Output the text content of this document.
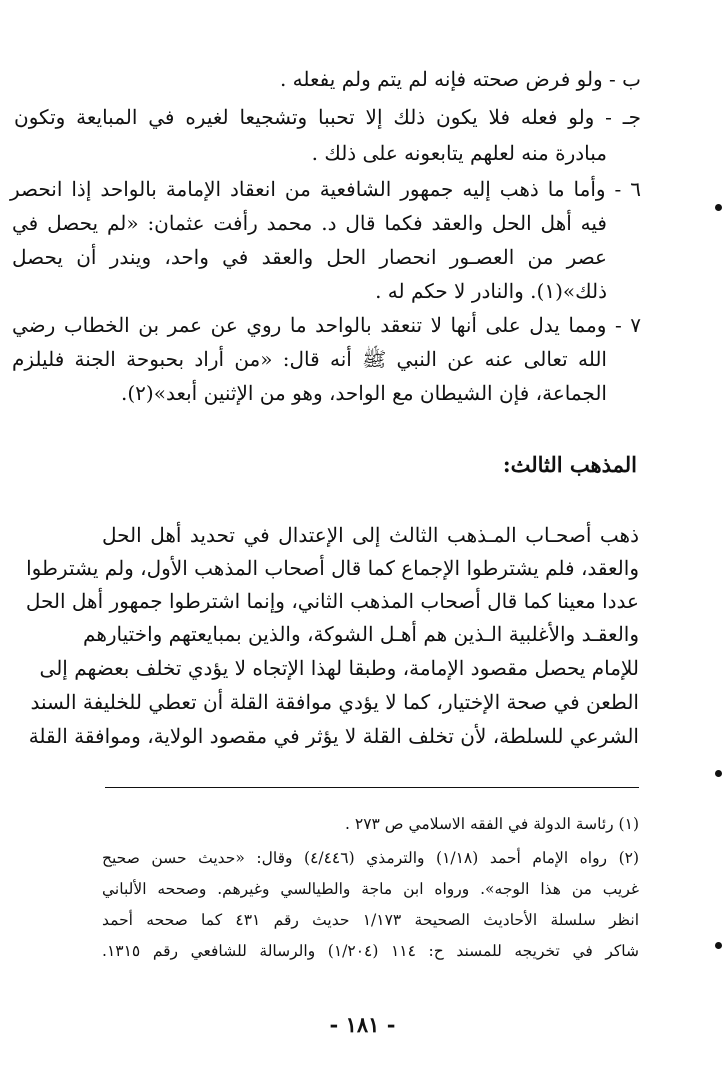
ب - ولو فرض صحته فإنه لم يتم ولم يفعله .
جـ - ولو فعله فلا يكون ذلك إلا تحببا وتشجيعا لغيره في المبايعة وتكون
مبادرة منه لعلهم يتابعونه على ذلك .
٦ - وأما ما ذهب إليه جمهور الشافعية من انعقاد الإمامة بالواحد إذا انحصر
فيه أهل الحل والعقد فكما قال د. محمد رأفت عثمان: «لم يحصل في
عصر من العصـور انحصار الحل والعقد في واحد، ويندر أن يحصل
ذلك»(١). والنادر لا حكم له .
٧ - ومما يدل على أنها لا تنعقد بالواحد ما روي عن عمر بن الخطاب رضي
الله تعالى عنه عن النبي ﷺ أنه قال: «من أراد بحبوحة الجنة فليلزم
الجماعة، فإن الشيطان مع الواحد، وهو من الإثنين أبعد»(٢).
المذهب الثالث:
ذهب أصحـاب المـذهب الثالث إلى الإعتدال في تحديد أهل الحل
والعقد، فلم يشترطوا الإجماع كما قال أصحاب المذهب الأول، ولم يشترطوا
عددا معينا كما قال أصحاب المذهب الثاني، وإنما اشترطوا جمهور أهل الحل
والعقـد والأغلبية الـذين هم أهـل الشوكة، والذين بمبايعتهم واختيارهم
للإمام يحصل مقصود الإمامة، وطبقا لهذا الإتجاه لا يؤدي تخلف بعضهم إلى
الطعن في صحة الإختيار، كما لا يؤدي موافقة القلة أن تعطي للخليفة السند
الشرعي للسلطة، لأن تخلف القلة لا يؤثر في مقصود الولاية، وموافقة القلة
(١) رئاسة الدولة في الفقه الاسلامي ص ٢٧٣ .
(٢) رواه الإمام أحمد (١/١٨) والترمذي (٤/٤٤٦) وقال: «حديث حسن صحيح
غريب من هذا الوجه». ورواه ابن ماجة والطيالسي وغيرهم. وصححه الألباني
انظر سلسلة الأحاديث الصحيحة ١/١٧٣ حديث رقم ٤٣١ كما صححه أحمد
شاكر في تخريجه للمسند ح: ١١٤ (١/٢٠٤) والرسالة للشافعي رقم ١٣١٥.
- ١٨١ -
